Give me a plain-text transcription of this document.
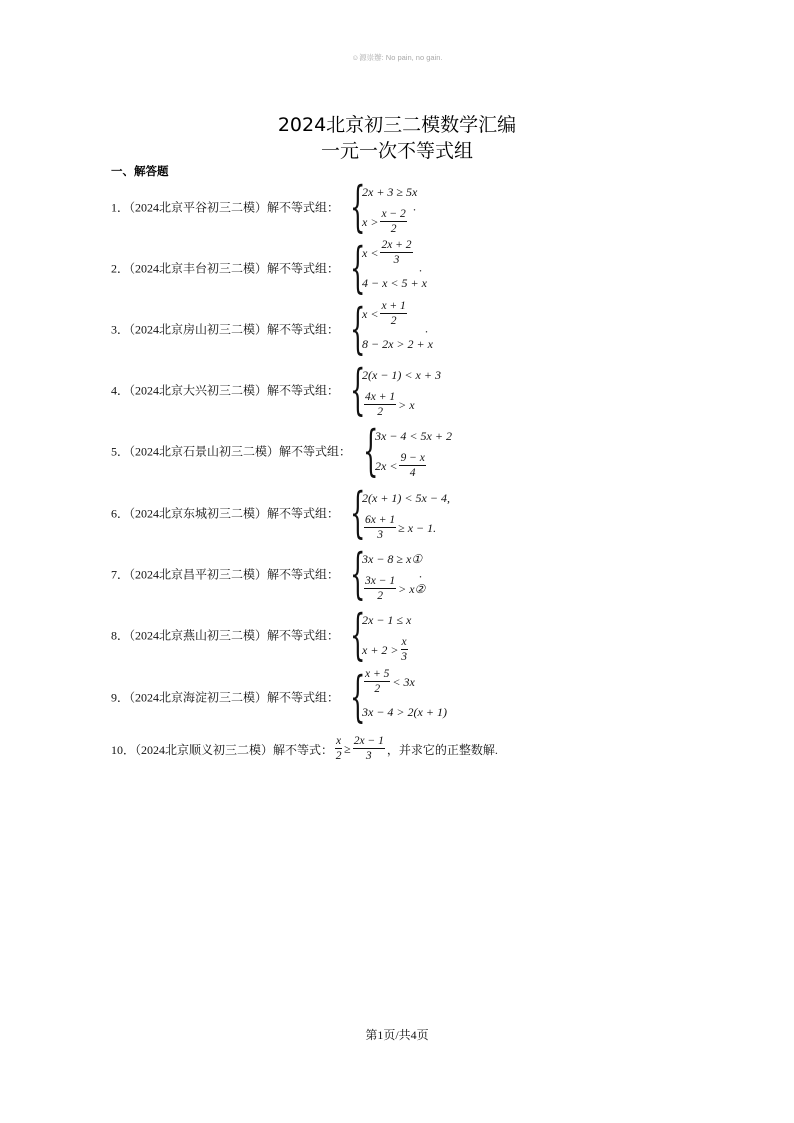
☺源崇辦: No pain, no gain.
2024北京初三二模数学汇编
一元一次不等式组
一、解答题
1．（2024北京平谷初三二模）解不等式组： {
2x + 3 ≥ 5x
$x > \frac{x - 2}{2}$
.
2．（2024北京丰台初三二模）解不等式组： {
$x < \frac{2x + 2}{3}$
4 − x < 5 + x
.
3．（2024北京房山初三二模）解不等式组： {
$x < \frac{x + 1}{2}$
8 − 2x > 2 + x
.
4．（2024北京大兴初三二模）解不等式组： {
2(x − 1) < x + 3
$\frac{4x + 1}{2} > x$
5．（2024北京石景山初三二模）解不等式组： {
3x − 4 < 5x + 2
$2x < \frac{9 - x}{4}$
6．（2024北京东城初三二模）解不等式组： {
2(x + 1) < 5x − 4,
$\frac{6x + 1}{3} \ge x - 1$.
7．（2024北京昌平初三二模）解不等式组： {
3x − 8 ≥ x①
$\frac{3x - 1}{2}$ > x②
.
8．（2024北京燕山初三二模）解不等式组： {
2x − 1 ≤ x
$x + 2 > \frac{x}{3}$
9．（2024北京海淀初三二模）解不等式组： {
$\frac{x + 5}{2} < 3x$
3x − 4 > 2(x + 1)
10．（2024北京顺义初三二模）解不等式： $\frac{x}{2} \ge \frac{2x - 1}{3}$ ，并求它的正整数解.
第1页/共4页
